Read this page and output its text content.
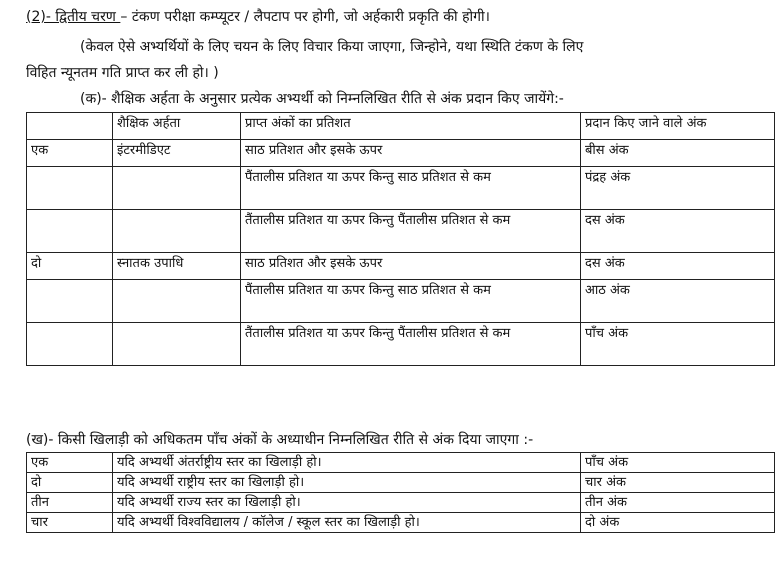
(2)- द्वितीय चरण – टंकण परीक्षा कम्प्यूटर / लैपटाप पर होगी, जो अर्हकारी प्रकृति की होगी।
(केवल ऐसे अभ्यर्थियों के लिए चयन के लिए विचार किया जाएगा, जिन्होने, यथा स्थिति टंकण के लिए
विहित न्यूनतम गति प्राप्त कर ली हो। )
(क)- शैक्षिक अर्हता के अनुसार प्रत्येक अभ्यर्थी को निम्नलिखित रीति से अंक प्रदान किए जायेंगे:-
	शैक्षिक अर्हता	प्राप्त अंकों का प्रतिशत	प्रदान किए जाने वाले अंक
एक	इंटरमीडिएट	साठ प्रतिशत और इसके ऊपर	बीस अंक
		पैंतालीस प्रतिशत या ऊपर किन्तु साठ प्रतिशत से कम	पंद्रह अंक
		तैंतालीस प्रतिशत या ऊपर किन्तु पैंतालीस प्रतिशत से कम	दस अंक
दो	स्नातक उपाधि	साठ प्रतिशत और इसके ऊपर	दस अंक
		पैंतालीस प्रतिशत या ऊपर किन्तु साठ प्रतिशत से कम	आठ अंक
		तैंतालीस प्रतिशत या ऊपर किन्तु पैंतालीस प्रतिशत से कम	पाँच अंक
(ख)- किसी खिलाड़ी को अधिकतम पाँच अंकों के अध्याधीन निम्नलिखित रीति से अंक दिया जाएगा :-
एक	यदि अभ्यर्थी अंतर्राष्ट्रीय स्तर का खिलाड़ी हो।	पाँच अंक
दो	यदि अभ्यर्थी राष्ट्रीय स्तर का खिलाड़ी हो।	चार अंक
तीन	यदि अभ्यर्थी राज्य स्तर का खिलाड़ी हो।	तीन अंक
चार	यदि अभ्यर्थी विश्वविद्यालय / कॉलेज / स्कूल स्तर का खिलाड़ी हो।	दो अंक
